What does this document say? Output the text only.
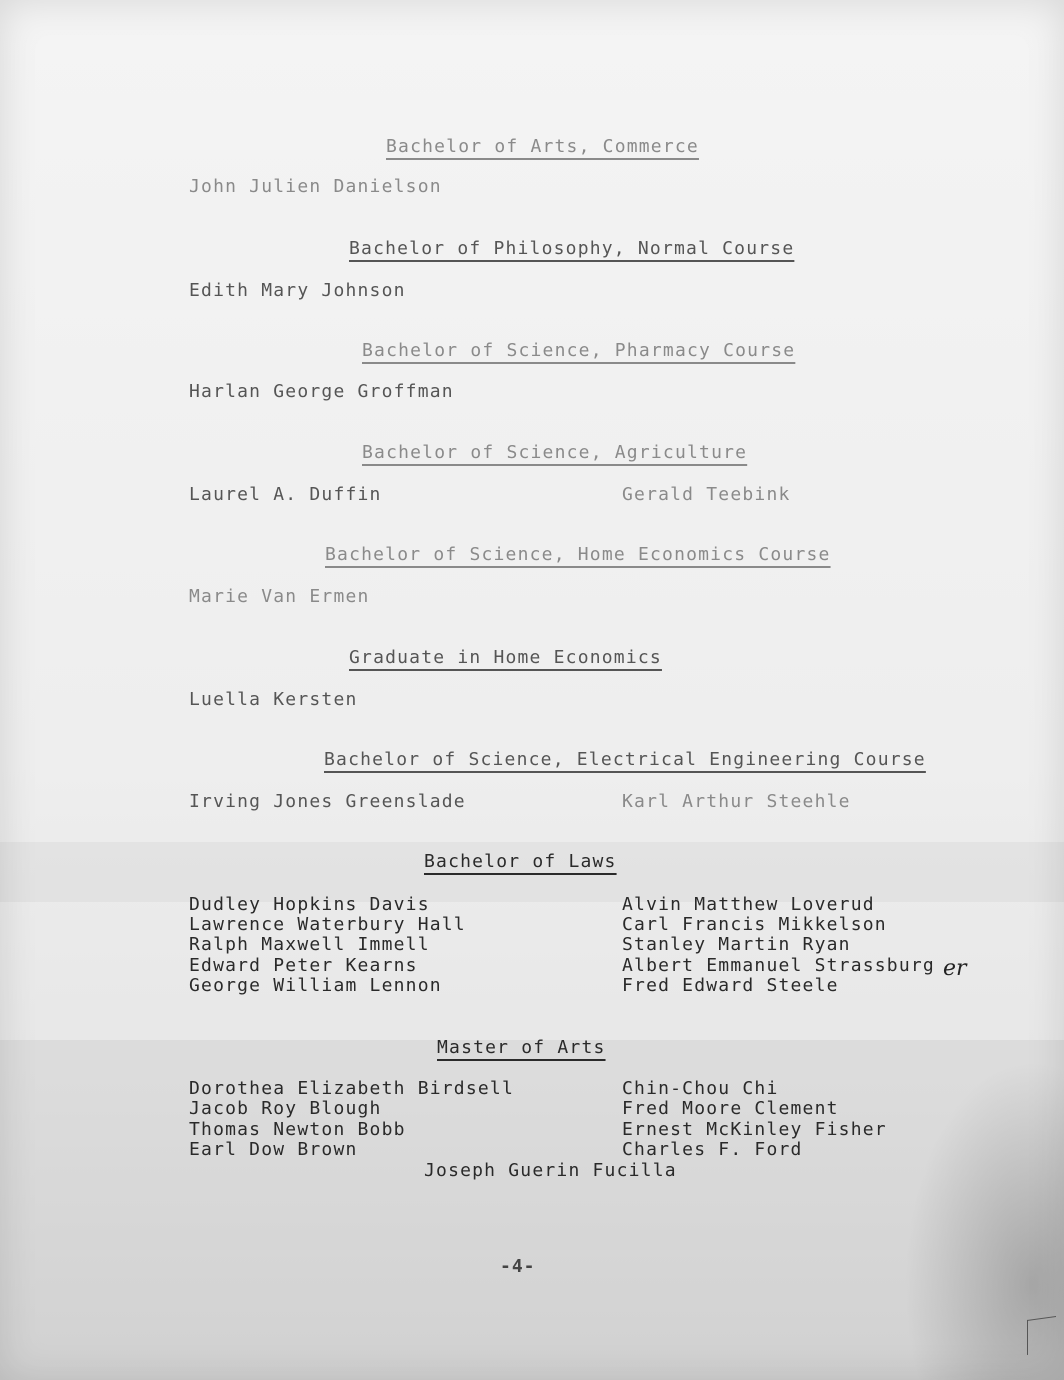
Bachelor of Arts, Commerce
John Julien Danielson
Bachelor of Philosophy, Normal Course
Edith Mary Johnson
Bachelor of Science, Pharmacy Course
Harlan George Groffman
Bachelor of Science, Agriculture
Laurel A. Duffin	Gerald Teebink
Bachelor of Science, Home Economics Course
Marie Van Ermen
Graduate in Home Economics
Luella Kersten
Bachelor of Science, Electrical Engineering Course
Irving Jones Greenslade	Karl Arthur Steehle
Bachelor of Laws
Dudley Hopkins Davis
Lawrence Waterbury Hall
Ralph Maxwell Immell
Edward Peter Kearns
George William Lennon
Alvin Matthew Loverud
Carl Francis Mikkelson
Stanley Martin Ryan
Albert Emmanuel Strassburg
Fred Edward Steele
er
Master of Arts
Dorothea Elizabeth Birdsell
Jacob Roy Blough
Thomas Newton Bobb
Earl Dow Brown
Chin-Chou Chi
Fred Moore Clement
Ernest McKinley Fisher
Charles F. Ford
Joseph Guerin Fucilla
-4-
